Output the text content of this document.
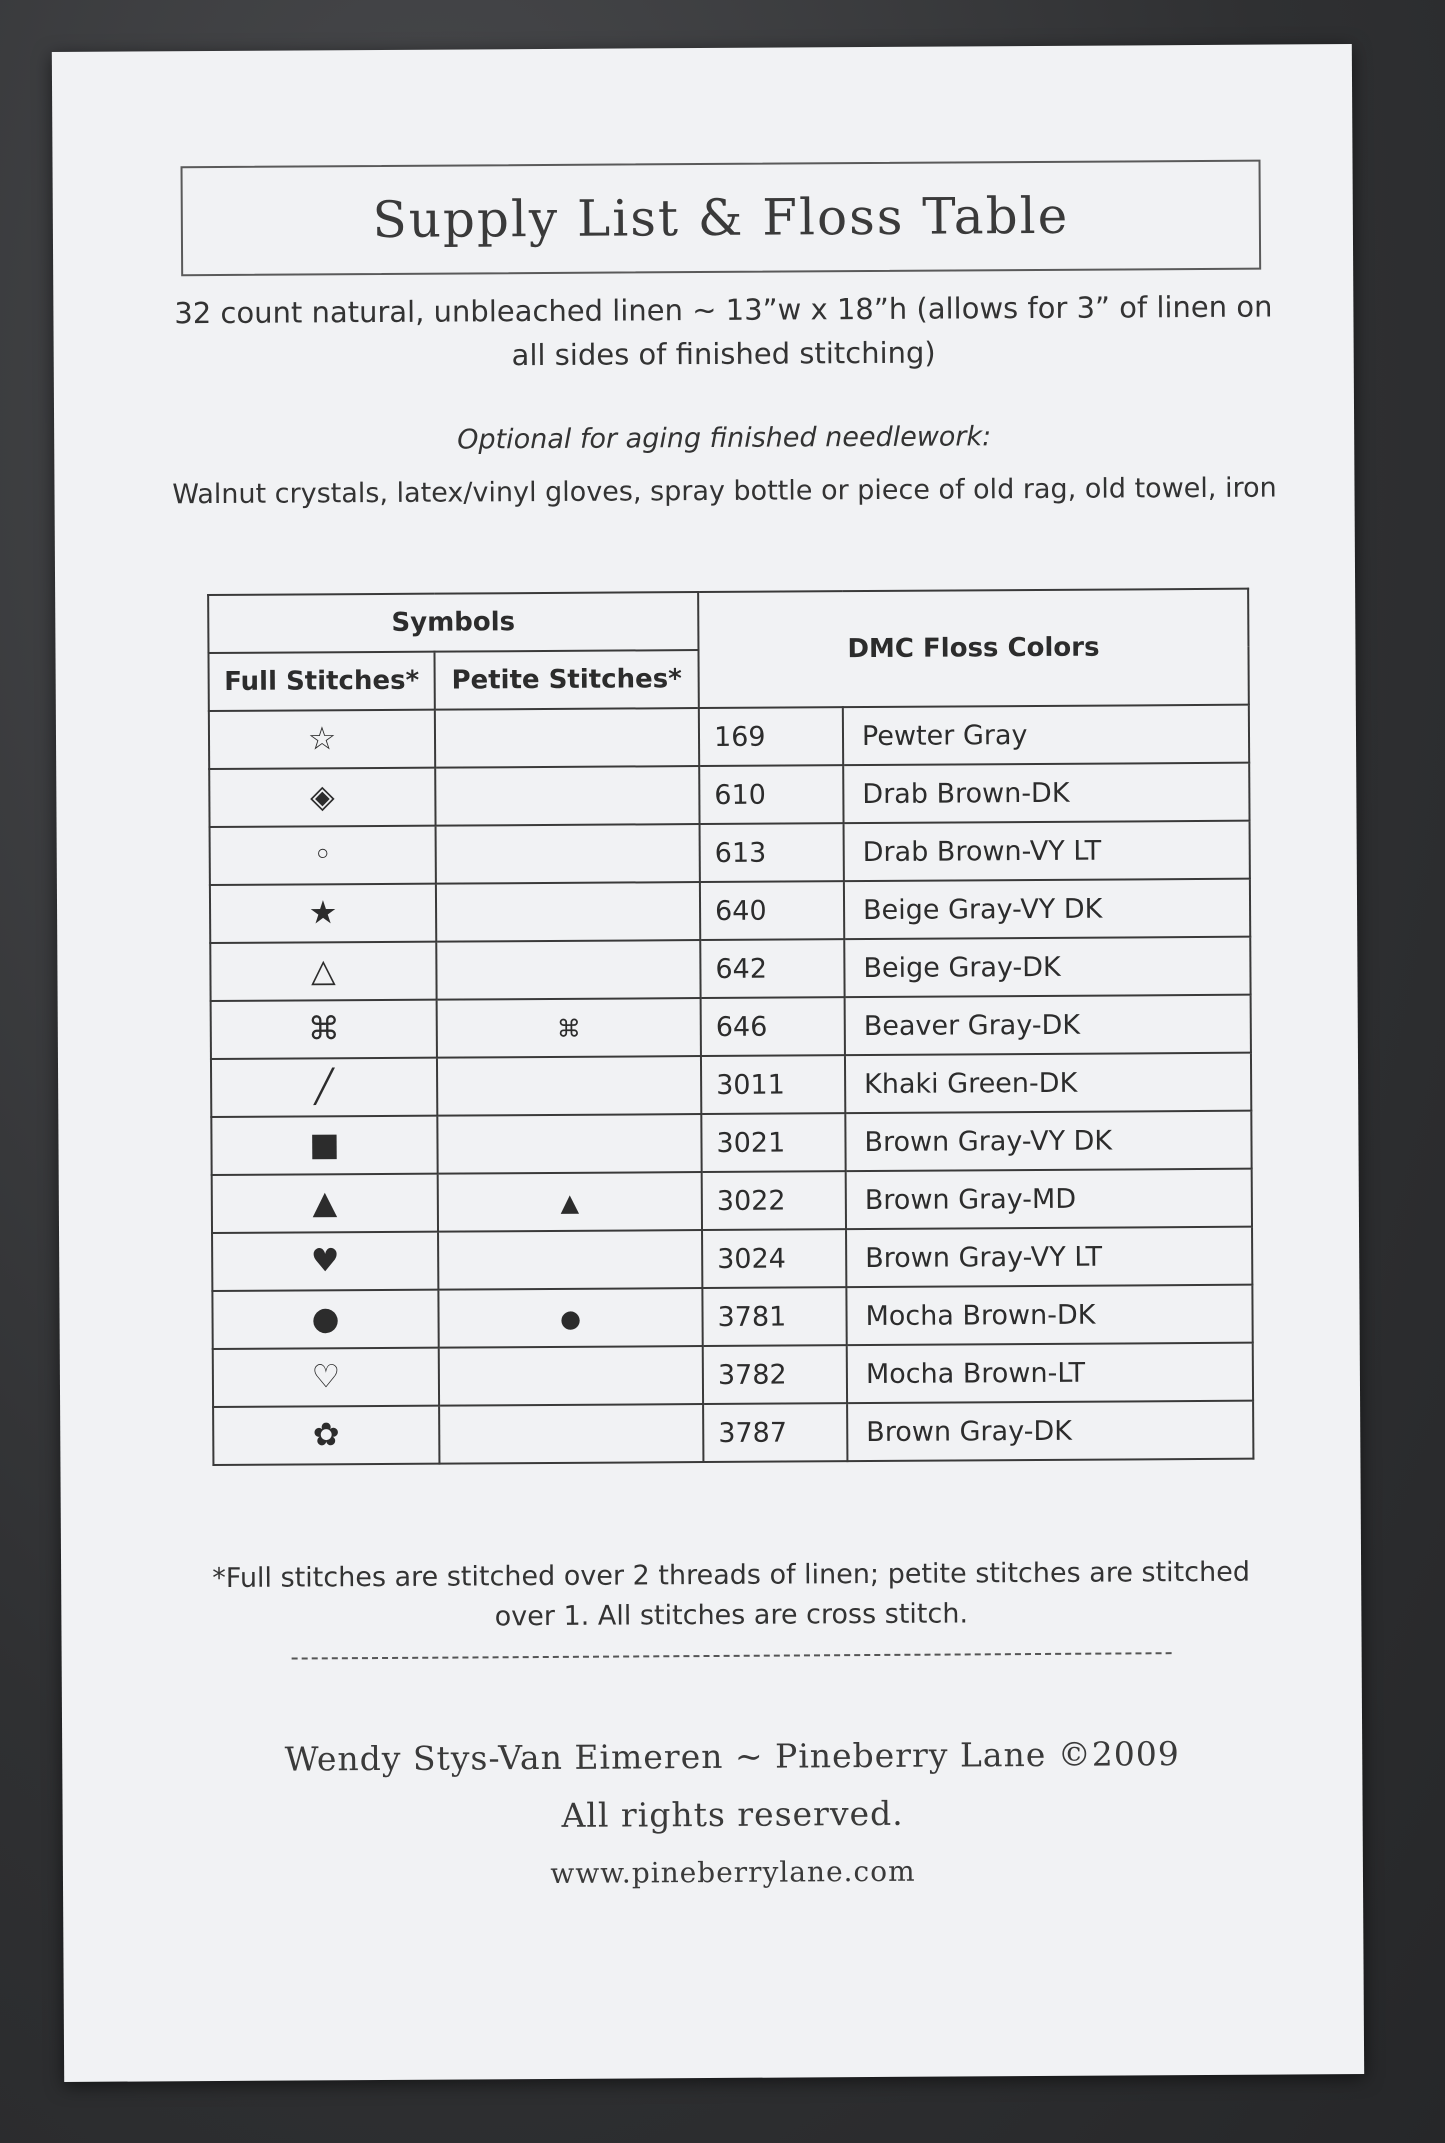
Supply List & Floss Table
32 count natural, unbleached linen ~ 13”w x 18”h (allows for 3” of linen on all sides of finished stitching)
Optional for aging finished needlework:
Walnut crystals, latex/vinyl gloves, spray bottle or piece of old rag, old towel, iron
Symbols		DMC Floss Colors	
Full Stitches*	Petite Stitches*		
☆		169	Pewter Gray
◈		610	Drab Brown-DK
◦		613	Drab Brown-VY LT
★		640	Beige Gray-VY DK
△		642	Beige Gray-DK
⌘	⌘	646	Beaver Gray-DK
╱		3011	Khaki Green-DK
■		3021	Brown Gray-VY DK
▲	▲	3022	Brown Gray-MD
♥		3024	Brown Gray-VY LT
●	●	3781	Mocha Brown-DK
♡		3782	Mocha Brown-LT
✿		3787	Brown Gray-DK
*Full stitches are stitched over 2 threads of linen; petite stitches are stitched over 1. All stitches are cross stitch.
Wendy Stys-Van Eimeren ~ Pineberry Lane ©2009
All rights reserved.
www.pineberrylane.com
